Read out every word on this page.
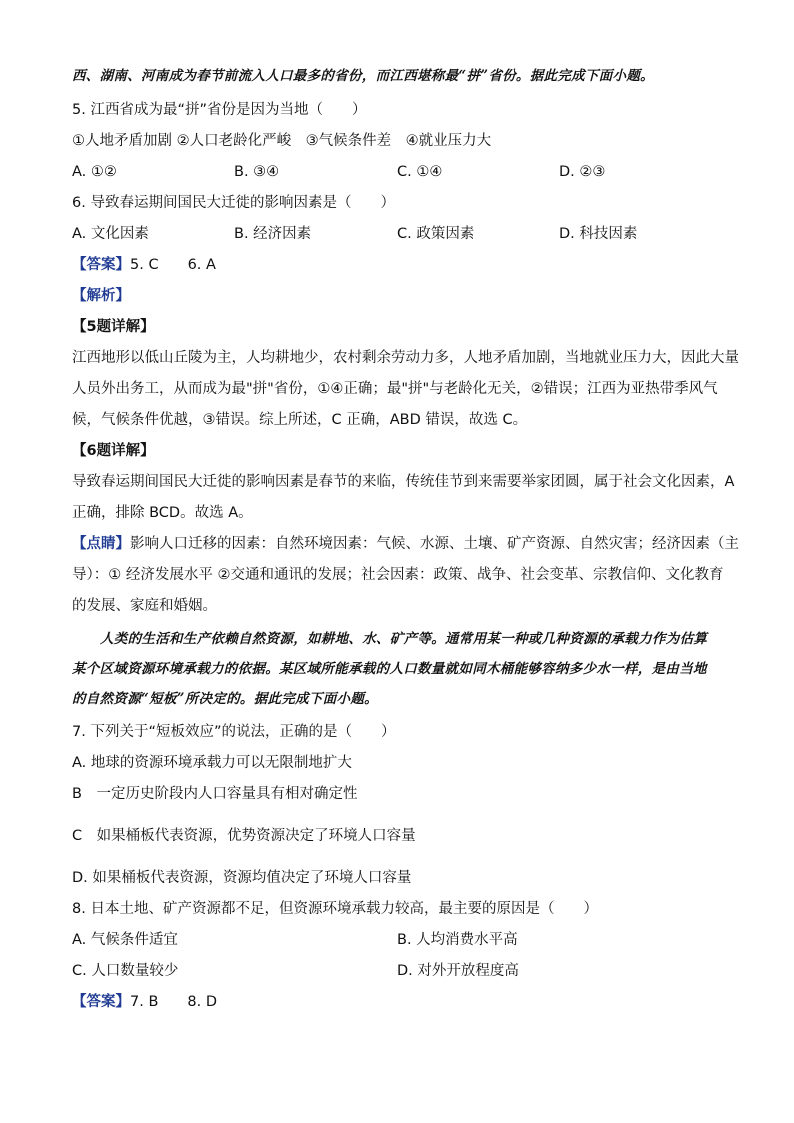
西、湖南、河南成为春节前流入人口最多的省份，而江西堪称最“拼”省份。据此完成下面小题。
5. 江西省成为最“拼”省份是因为当地（　　）
①人地矛盾加剧 ②人口老龄化严峻　③气候条件差　④就业压力大
A. ①②	B. ③④	C. ①④	D. ②③
6. 导致春运期间国民大迁徙的影响因素是（　　）
A. 文化因素	B. 经济因素	C. 政策因素	D. 科技因素
【答案】5. C　　6. A
【解析】
【5题详解】
江西地形以低山丘陵为主，人均耕地少，农村剩余劳动力多，人地矛盾加剧，当地就业压力大，因此大量
人员外出务工，从而成为最"拼"省份，①④正确；最"拼"与老龄化无关，②错误；江西为亚热带季风气
候，气候条件优越，③错误。综上所述，C 正确，ABD 错误，故选 C。
【6题详解】
导致春运期间国民大迁徙的影响因素是春节的来临，传统佳节到来需要举家团圆，属于社会文化因素，A
正确，排除 BCD。故选 A。
【点睛】影响人口迁移的因素：自然环境因素：气候、水源、土壤、矿产资源、自然灾害；经济因素（主
导）：① 经济发展水平 ②交通和通讯的发展；社会因素：政策、战争、社会变革、宗教信仰、文化教育
的发展、家庭和婚姻。
人类的生活和生产依赖自然资源，如耕地、水、矿产等。通常用某一种或几种资源的承载力作为估算
某个区域资源环境承载力的依据。某区域所能承载的人口数量就如同木桶能够容纳多少水一样，是由当地
的自然资源“短板”所决定的。据此完成下面小题。
7. 下列关于“短板效应”的说法，正确的是（　　）
A. 地球的资源环境承载力可以无限制地扩大
B　一定历史阶段内人口容量具有相对确定性
C　如果桶板代表资源，优势资源决定了环境人口容量
D. 如果桶板代表资源，资源均值决定了环境人口容量
8. 日本土地、矿产资源都不足，但资源环境承载力较高，最主要的原因是（　　）
A. 气候条件适宜	B. 人均消费水平高
C. 人口数量较少	D. 对外开放程度高
【答案】7. B　　8. D
